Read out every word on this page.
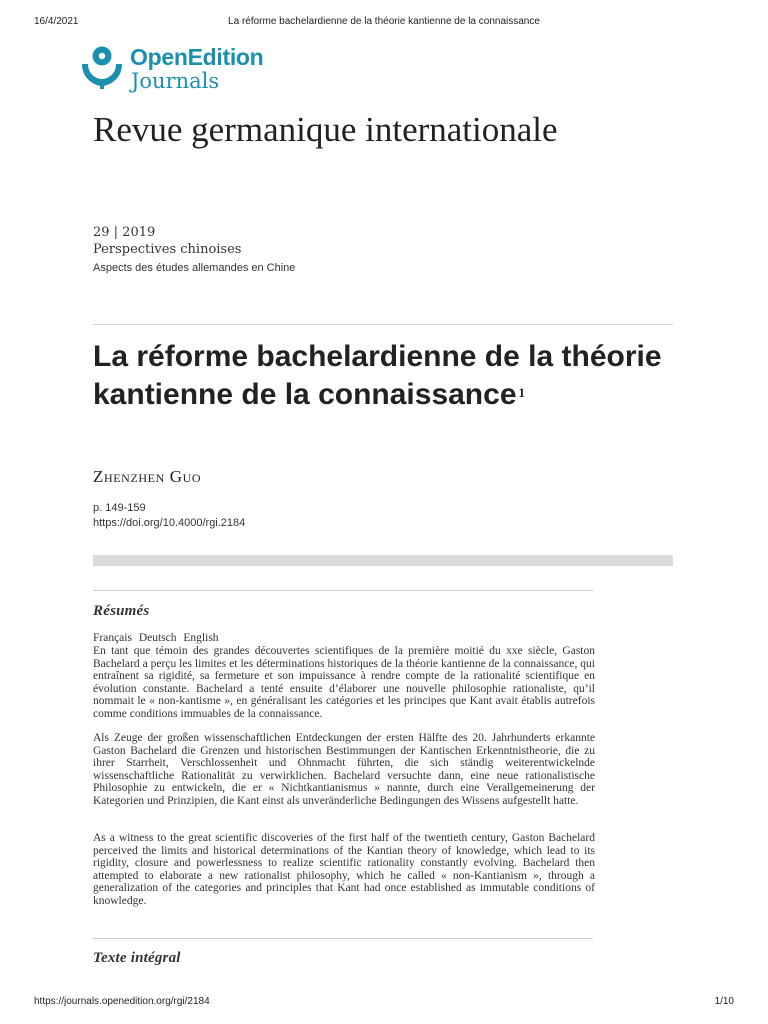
16/4/2021	La réforme bachelardienne de la théorie kantienne de la connaissance
OpenEdition
Journals
Revue germanique internationale
29 | 2019
Perspectives chinoises
Aspects des études allemandes en Chine
La réforme bachelardienne de la théorie kantienne de la connaissance $^1$
Zhenzhen Guo
p. 149-159
https://doi.org/10.4000/rgi.2184
Résumés
Français Deutsch English

En tant que témoin des grandes découvertes scientifiques de la première moitié du xxe siècle, Gaston Bachelard a perçu les limites et les déterminations historiques de la théorie kantienne de la connaissance, qui entraînent sa rigidité, sa fermeture et son impuissance à rendre compte de la rationalité scientifique en évolution constante. Bachelard a tenté ensuite d’élaborer une nouvelle philosophie rationaliste, qu’il nommait le « non-kantisme », en généralisant les catégories et les principes que Kant avait établis autrefois comme conditions immuables de la connaissance.

Als Zeuge der großen wissenschaftlichen Entdeckungen der ersten Hälfte des 20. Jahrhunderts erkannte Gaston Bachelard die Grenzen und historischen Bestimmungen der Kantischen Erkenntnistheorie, die zu ihrer Starrheit, Verschlossenheit und Ohnmacht führten, die sich ständig weiterentwickelnde wissenschaftliche Rationalität zu verwirklichen. Bachelard versuchte dann, eine neue rationalistische Philosophie zu entwickeln, die er « Nichtkantianismus » nannte, durch eine Verallgemeinerung der Kategorien und Prinzipien, die Kant einst als unveränderliche Bedingungen des Wissens aufgestellt hatte.

As a witness to the great scientific discoveries of the first half of the twentieth century, Gaston Bachelard perceived the limits and historical determinations of the Kantian theory of knowledge, which lead to its rigidity, closure and powerlessness to realize scientific rationality constantly evolving. Bachelard then attempted to elaborate a new rationalist philosophy, which he called « non-Kantianism », through a generalization of the categories and principles that Kant had once established as immutable conditions of knowledge.

Texte intégral
https://journals.openedition.org/rgi/2184	1/10
